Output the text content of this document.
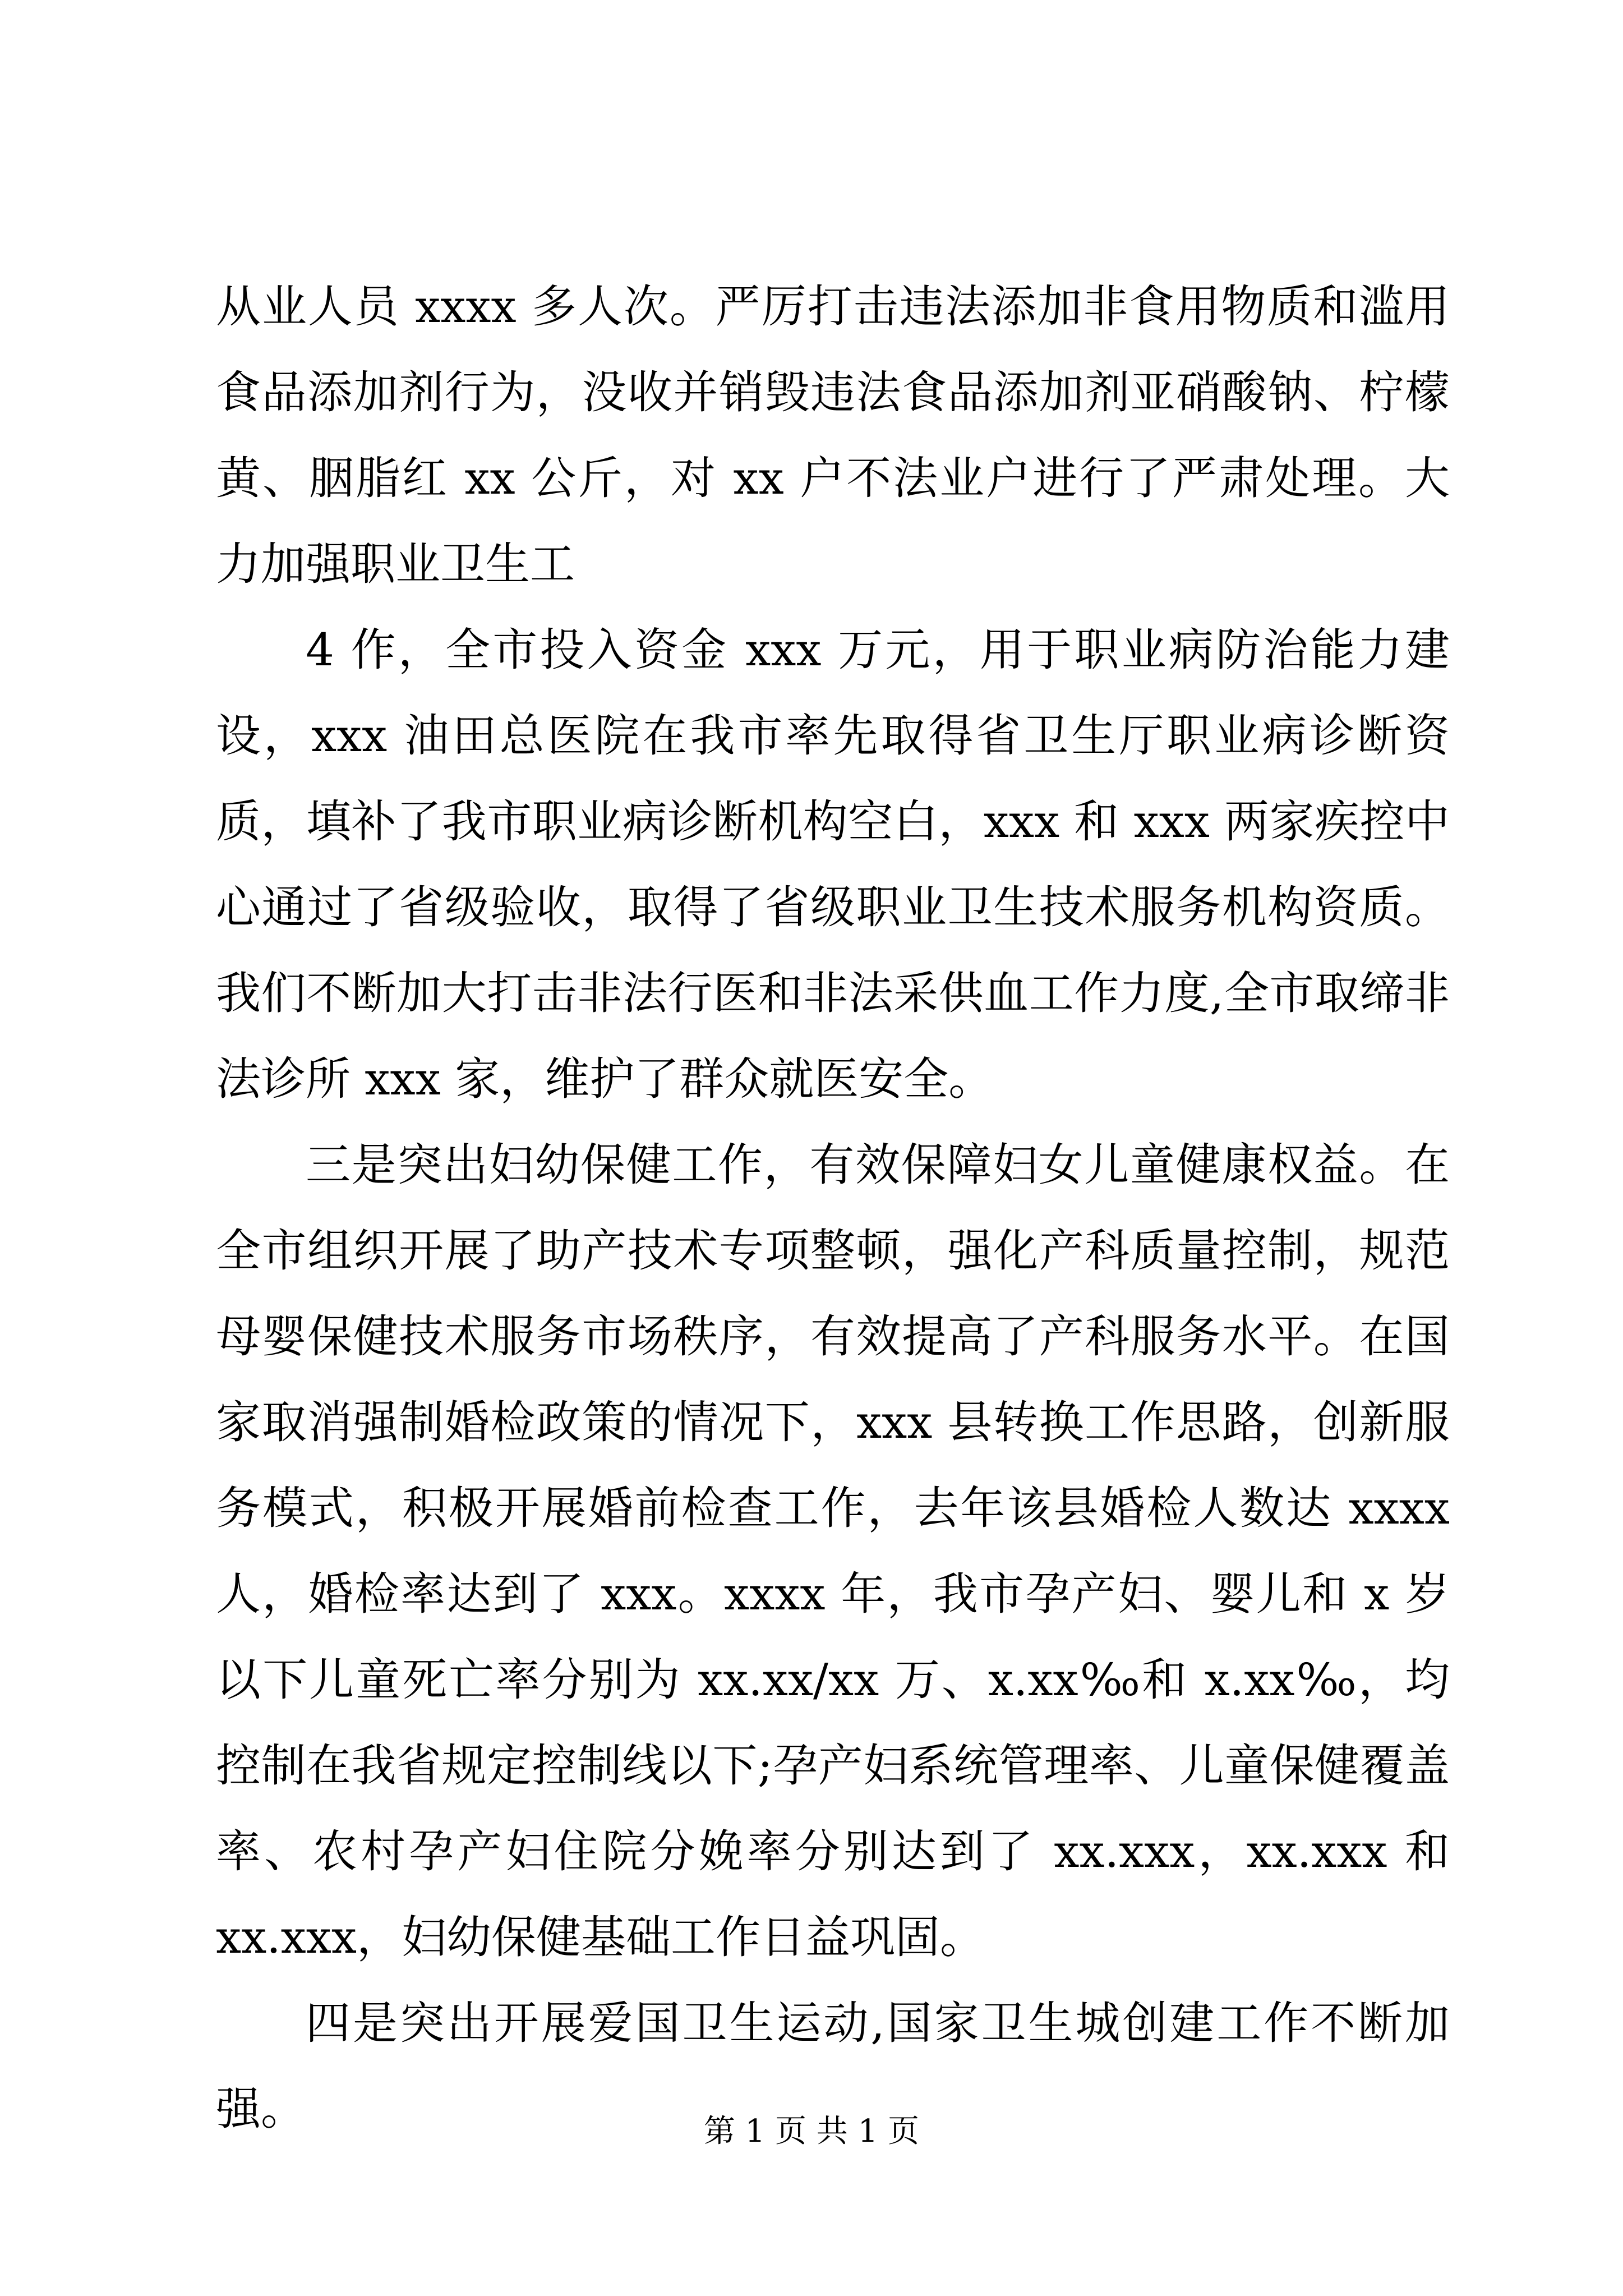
从业人员 xxxx 多人次。严厉打击违法添加非食用物质和滥用食品添加剂行为，没收并销毁违法食品添加剂亚硝酸钠、柠檬黄、胭脂红 xx 公斤，对 xx 户不法业户进行了严肃处理。大力加强职业卫生工

4 作，全市投入资金 xxx 万元，用于职业病防治能力建设，xxx 油田总医院在我市率先取得省卫生厅职业病诊断资质，填补了我市职业病诊断机构空白，xxx 和 xxx 两家疾控中心通过了省级验收，取得了省级职业卫生技术服务机构资质。我们不断加大打击非法行医和非法采供血工作力度,全市取缔非法诊所 xxx 家，维护了群众就医安全。

三是突出妇幼保健工作，有效保障妇女儿童健康权益。在全市组织开展了助产技术专项整顿，强化产科质量控制，规范母婴保健技术服务市场秩序，有效提高了产科服务水平。在国家取消强制婚检政策的情况下，xxx 县转换工作思路，创新服务模式，积极开展婚前检查工作，去年该县婚检人数达 xxxx 人，婚检率达到了 xxx。xxxx 年，我市孕产妇、婴儿和 x 岁以下儿童死亡率分别为 xx.xx/xx 万、x.xx‰和 x.xx‰，均控制在我省规定控制线以下;孕产妇系统管理率、儿童保健覆盖率、农村孕产妇住院分娩率分别达到了 xx.xxx，xx.xxx 和 xx.xxx，妇幼保健基础工作日益巩固。

四是突出开展爱国卫生运动,国家卫生城创建工作不断加强。	第 1 页 共 1 页
